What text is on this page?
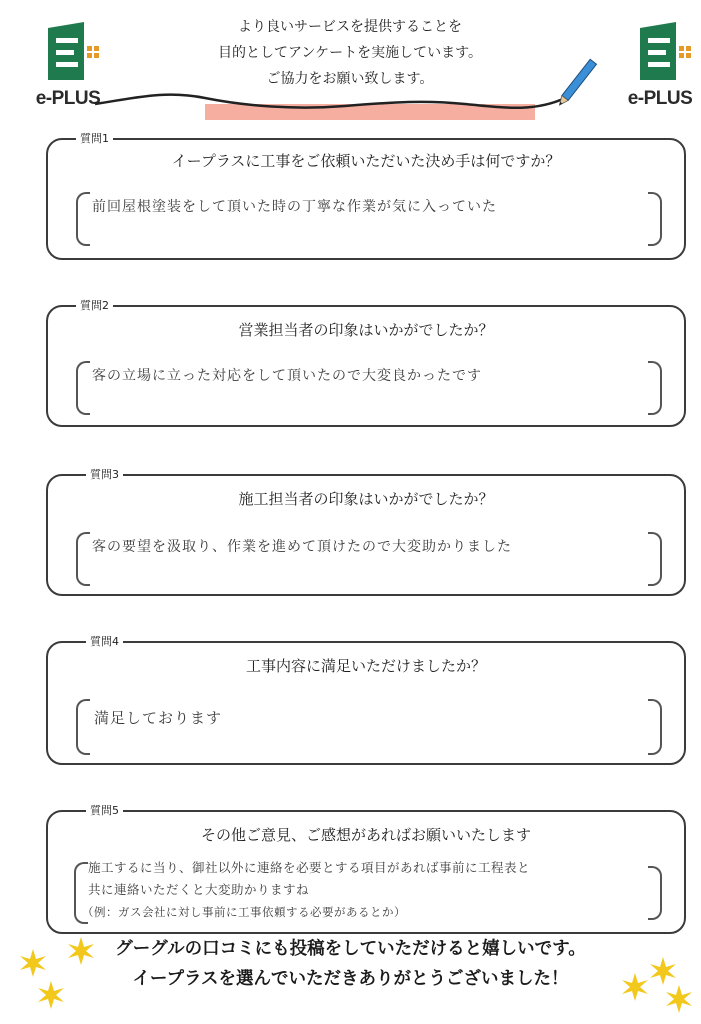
e-PLUS	e-PLUS
より良いサービスを提供することを
目的としてアンケートを実施しています。
ご協力をお願い致します。
イープラスに工事をご依頼いただいた決め手は何ですか？
前回屋根塗装をして頂いた時の丁寧な作業が気に入っていた
質問1
営業担当者の印象はいかがでしたか？
客の立場に立った対応をして頂いたので大変良かったです
質問2
施工担当者の印象はいかがでしたか？
客の要望を汲取り、作業を進めて頂けたので大変助かりました
質問3
工事内容に満足いただけましたか？
満足しております
質問4
その他ご意見、ご感想があればお願いいたします
施工するに当り、御社以外に連絡を必要とする項目があれば事前に工程表と
共に連絡いただくと大変助かりますね
（例：ガス会社に対し事前に工事依頼する必要があるとか）
質問5
グーグルの口コミにも投稿をしていただけると嬉しいです。
イープラスを選んでいただきありがとうございました！
